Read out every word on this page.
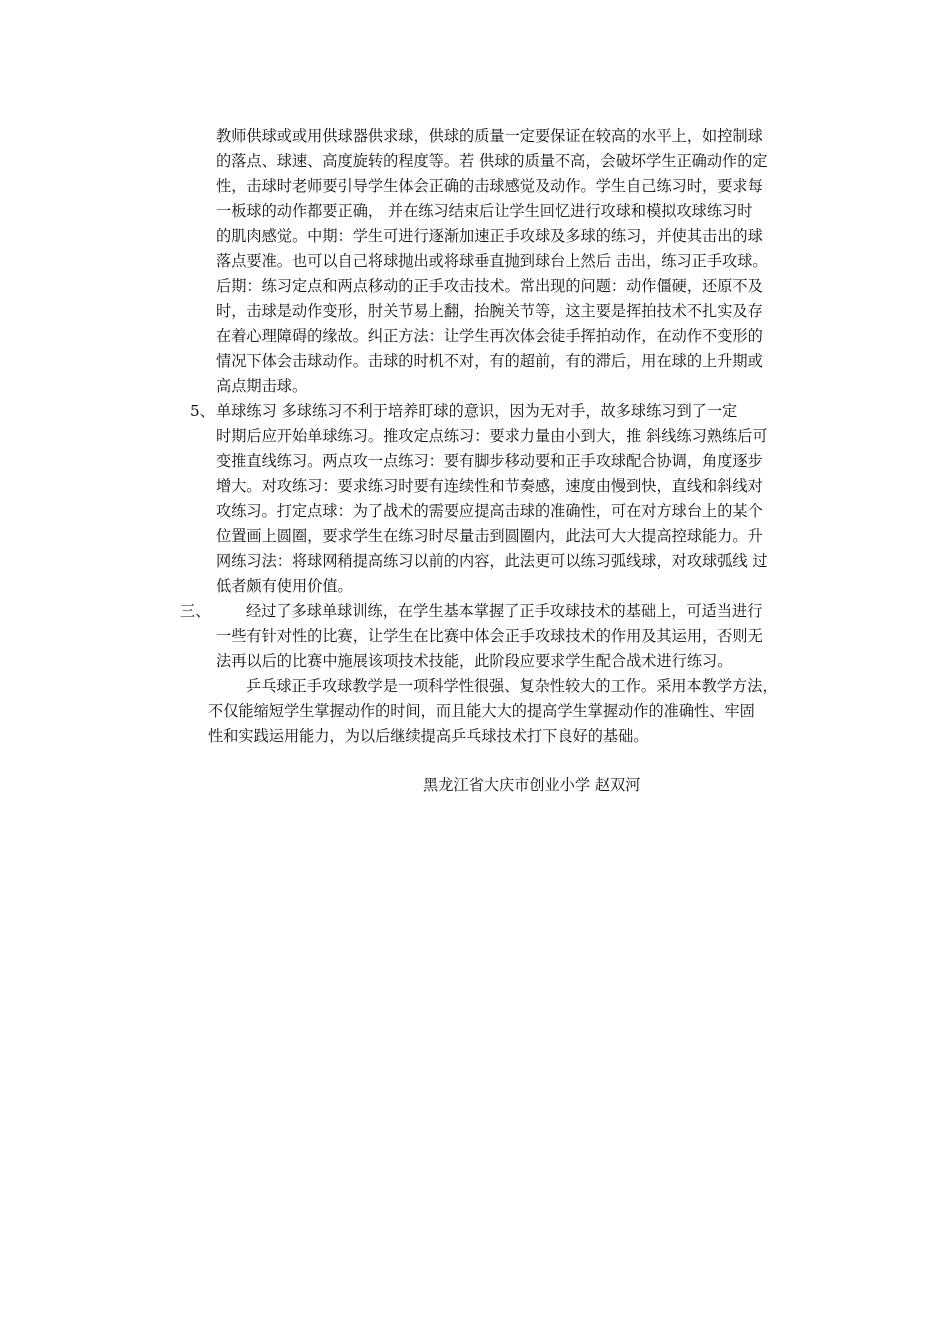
教师供球或或用供球器供求球，供球的质量一定要保证在较高的水平上，如控制球
的落点、球速、高度旋转的程度等。若 供球的质量不高，会破坏学生正确动作的定
性，击球时老师要引导学生体会正确的击球感觉及动作。学生自己练习时，要求每
一板球的动作都要正确， 并在练习结束后让学生回忆进行攻球和模拟攻球练习时
的肌肉感觉。中期：学生可进行逐渐加速正手攻球及多球的练习，并使其击出的球
落点要准。也可以自己将球抛出或将球垂直抛到球台上然后 击出，练习正手攻球。
后期：练习定点和两点移动的正手攻击技术。常出现的问题：动作僵硬，还原不及
时，击球是动作变形，肘关节易上翻，抬腕关节等，这主要是挥拍技术不扎实及存
在着心理障碍的缘故。纠正方法：让学生再次体会徒手挥拍动作，在动作不变形的
情况下体会击球动作。击球的时机不对，有的超前，有的滞后，用在球的上升期或
高点期击球。
5、 单球练习 多球练习不利于培养盯球的意识，因为无对手，故多球练习到了一定
时期后应开始单球练习。推攻定点练习：要求力量由小到大，推 斜线练习熟练后可
变推直线练习。两点攻一点练习：要有脚步移动要和正手攻球配合协调，角度逐步
增大。对攻练习：要求练习时要有连续性和节奏感，速度由慢到快，直线和斜线对
攻练习。打定点球：为了战术的需要应提高击球的准确性，可在对方球台上的某个
位置画上圆圈，要求学生在练习时尽量击到圆圈内，此法可大大提高控球能力。升
网练习法：将球网稍提高练习以前的内容，此法更可以练习弧线球，对攻球弧线 过
低者颇有使用价值。
三、 经过了多球单球训练，在学生基本掌握了正手攻球技术的基础上，可适当进行
一些有针对性的比赛，让学生在比赛中体会正手攻球技术的作用及其运用，否则无
法再以后的比赛中施展该项技术技能，此阶段应要求学生配合战术进行练习。
乒乓球正手攻球教学是一项科学性很强、复杂性较大的工作。采用本教学方法，
不仅能缩短学生掌握动作的时间，而且能大大的提高学生掌握动作的准确性、牢固
性和实践运用能力，为以后继续提高乒乓球技术打下良好的基础。
黑龙江省大庆市创业小学 赵双河
